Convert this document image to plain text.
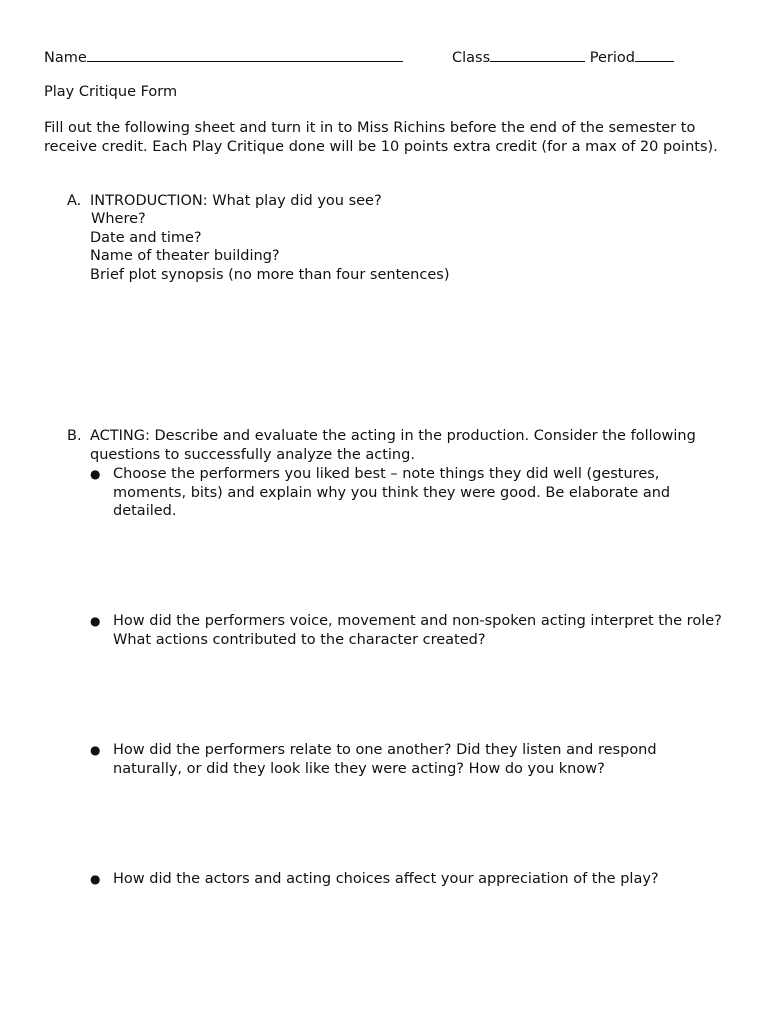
Name	Class	Period
Play Critique Form
Fill out the following sheet and turn it in to Miss Richins before the end of the semester to receive credit. Each Play Critique done will be 10 points extra credit (for a max of 20 points).
A. INTRODUCTION: What play did you see?
Where?
Date and time?
Name of theater building?
Brief plot synopsis (no more than four sentences)
B. ACTING: Describe and evaluate the acting in the production. Consider the following questions to successfully analyze the acting.
● Choose the performers you liked best – note things they did well (gestures, moments, bits) and explain why you think they were good. Be elaborate and detailed.
● How did the performers voice, movement and non-spoken acting interpret the role? What actions contributed to the character created?
● How did the performers relate to one another? Did they listen and respond naturally, or did they look like they were acting? How do you know?
● How did the actors and acting choices affect your appreciation of the play?
